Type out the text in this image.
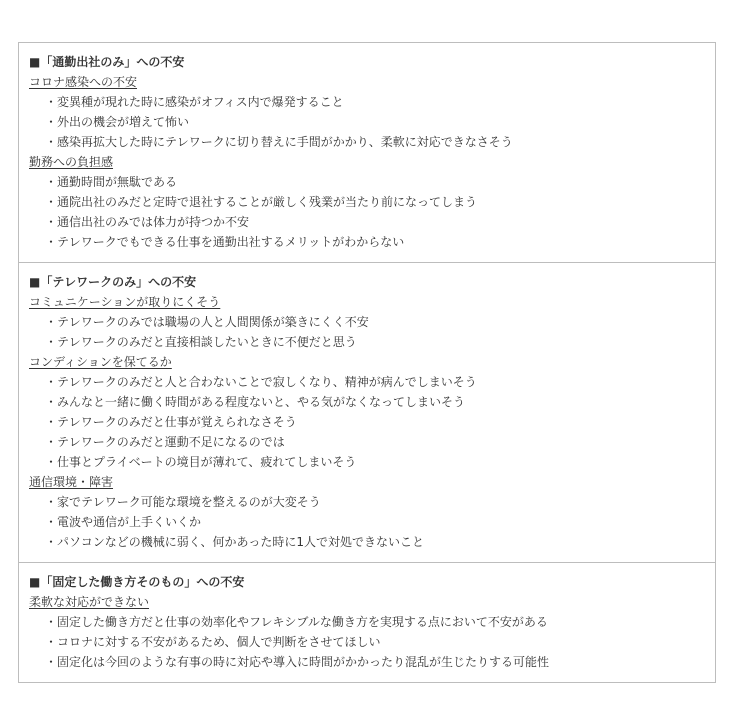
■「通勤出社のみ」への不安
コロナ感染への不安
・変異種が現れた時に感染がオフィス内で爆発すること
・外出の機会が増えて怖い
・感染再拡大した時にテレワークに切り替えに手間がかかり、柔軟に対応できなさそう
勤務への負担感
・通勤時間が無駄である
・通院出社のみだと定時で退社することが厳しく残業が当たり前になってしまう
・通信出社のみでは体力が持つか不安
・テレワークでもできる仕事を通勤出社するメリットがわからない
■「テレワークのみ」への不安
コミュニケーションが取りにくそう
・テレワークのみでは職場の人と人間関係が築きにくく不安
・テレワークのみだと直接相談したいときに不便だと思う
コンディションを保てるか
・テレワークのみだと人と合わないことで寂しくなり、精神が病んでしまいそう
・みんなと一緒に働く時間がある程度ないと、やる気がなくなってしまいそう
・テレワークのみだと仕事が覚えられなさそう
・テレワークのみだと運動不足になるのでは
・仕事とプライベートの境目が薄れて、疲れてしまいそう
通信環境・障害
・家でテレワーク可能な環境を整えるのが大変そう
・電波や通信が上手くいくか
・パソコンなどの機械に弱く、何かあった時に1人で対処できないこと
■「固定した働き方そのもの」への不安
柔軟な対応ができない
・固定した働き方だと仕事の効率化やフレキシブルな働き方を実現する点において不安がある
・コロナに対する不安があるため、個人で判断をさせてほしい
・固定化は今回のような有事の時に対応や導入に時間がかかったり混乱が生じたりする可能性
